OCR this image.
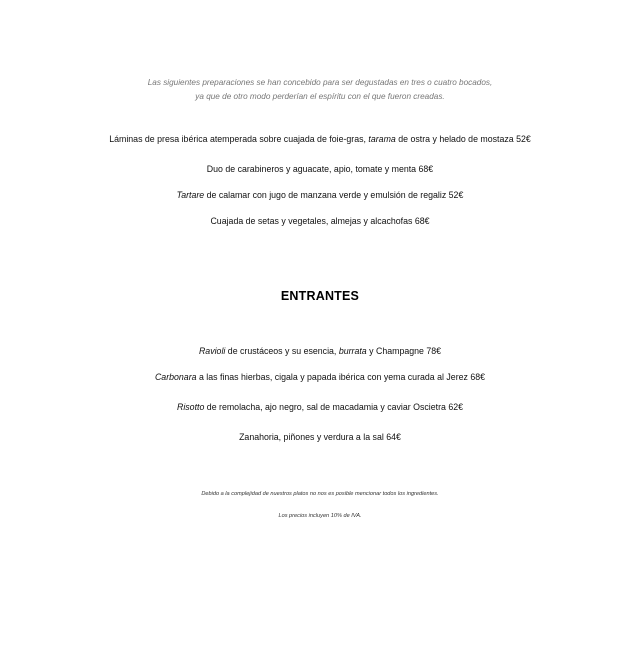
Las siguientes preparaciones se han concebido para ser degustadas en tres o cuatro bocados,
ya que de otro modo perderían el espíritu con el que fueron creadas.
Láminas de presa ibérica atemperada sobre cuajada de foie-gras, tarama de ostra y helado de mostaza 52€
Duo de carabineros y aguacate, apio, tomate y menta 68€
Tartare de calamar con jugo de manzana verde y emulsión de regaliz 52€
Cuajada de setas y vegetales, almejas y alcachofas 68€
ENTRANTES
Ravioli de crustáceos y su esencia, burrata y Champagne 78€
Carbonara a las finas hierbas, cigala y papada ibérica con yema curada al Jerez 68€
Risotto de remolacha, ajo negro, sal de macadamia y caviar Oscietra 62€
Zanahoria, piñones y verdura a la sal 64€
Debido a la complejidad de nuestros platos no nos es posible mencionar todos los ingredientes.
Los precios incluyen 10% de IVA.
